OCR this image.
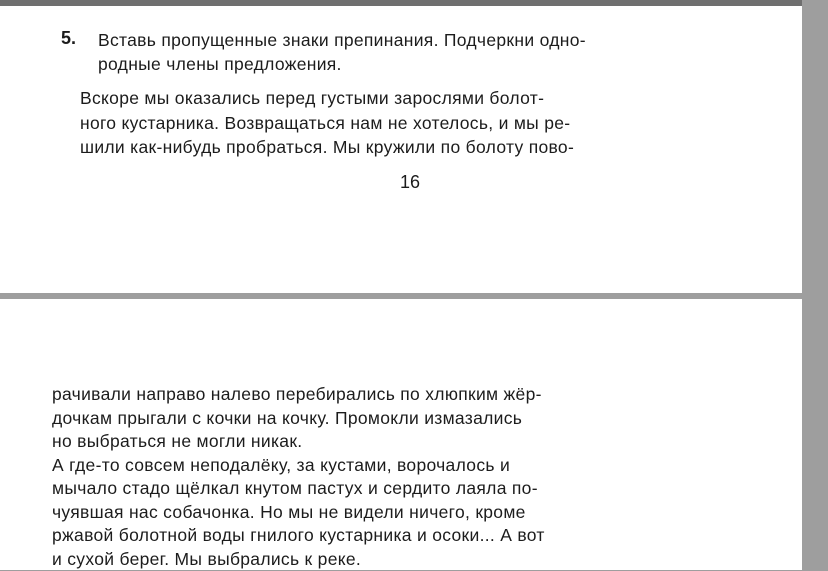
5. Вставь пропущенные знаки препинания. Подчеркни одно-
родные члены предложения.
Вскоре мы оказались перед густыми зарослями болот-
ного кустарника. Возвращаться нам не хотелось, и мы ре-
шили как-нибудь пробраться. Мы кружили по болоту пово-
16
рачивали направо налево перебирались по хлюпким жёр-
дочкам прыгали с кочки на кочку. Промокли измазались
но выбраться не могли никак.
А где-то совсем неподалёку, за кустами, ворочалось и
мычало стадо щёлкал кнутом пастух и сердито лаяла по-
чуявшая нас собачонка. Но мы не видели ничего, кроме
ржавой болотной воды гнилого кустарника и осоки... А вот
и сухой берег. Мы выбрались к реке.
